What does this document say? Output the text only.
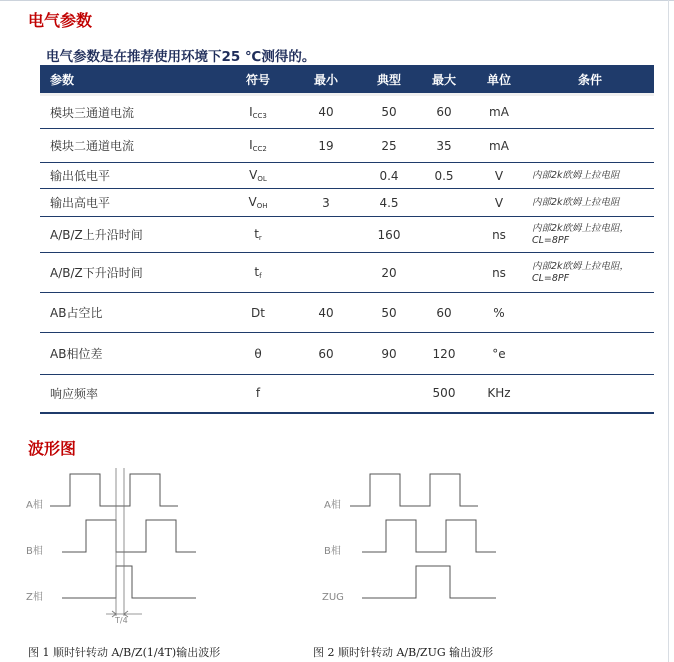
电气参数
电气参数是在推荐使用环境下25 ℃测得的。
参数	符号	最小	典型	最大	单位	条件
模块三通道电流	$I_{CC3}$	40	50	60	mA	
模块二通道电流	$I_{CC2}$	19	25	35	mA	
输出低电平	$V_{OL}$		0.4	0.5	V	内部2k欧姆上拉电阻
输出高电平	$V_{OH}$	3	4.5		V	内部2k欧姆上拉电阻
A/B/Z上升沿时间	$t_r$		160		ns	内部2k欧姆上拉电阻，CL=8PF
A/B/Z下升沿时间	$t_f$		20		ns	内部2k欧姆上拉电阻，CL=8PF
AB占空比	Dt	40	50	60	%	
AB相位差	θ	60	90	120	°e	
响应频率	f			500	KHz	
波形图
A相
B相
Z相
T/4
图 1 顺时针转动 A/B/Z(1/4T)输出波形
A相
B相
ZUG
图 2 顺时针转动 A/B/ZUG 输出波形
